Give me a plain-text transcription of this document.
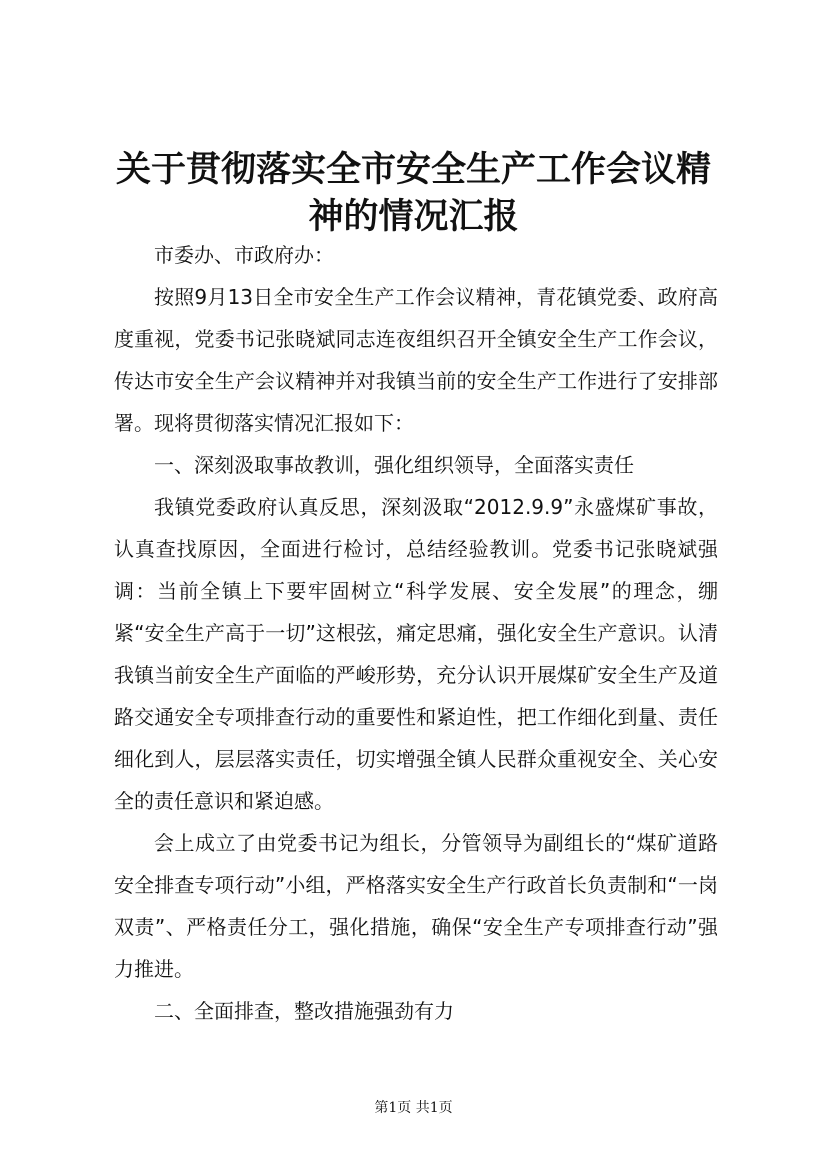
关于贯彻落实全市安全生产工作会议精神的情况汇报

市委办、市政府办：

按照9月13日全市安全生产工作会议精神，青花镇党委、政府高度重视，党委书记张晓斌同志连夜组织召开全镇安全生产工作会议，传达市安全生产会议精神并对我镇当前的安全生产工作进行了安排部署。现将贯彻落实情况汇报如下：

一、深刻汲取事故教训，强化组织领导，全面落实责任

我镇党委政府认真反思，深刻汲取“2012.9.9”永盛煤矿事故，认真查找原因，全面进行检讨，总结经验教训。党委书记张晓斌强调：当前全镇上下要牢固树立“科学发展、安全发展”的理念，绷紧“安全生产高于一切”这根弦，痛定思痛，强化安全生产意识。认清我镇当前安全生产面临的严峻形势，充分认识开展煤矿安全生产及道路交通安全专项排查行动的重要性和紧迫性，把工作细化到量、责任细化到人，层层落实责任，切实增强全镇人民群众重视安全、关心安全的责任意识和紧迫感。

会上成立了由党委书记为组长，分管领导为副组长的“煤矿道路安全排查专项行动”小组，严格落实安全生产行政首长负责制和“一岗双责”、严格责任分工，强化措施，确保“安全生产专项排查行动”强力推进。

二、全面排查，整改措施强劲有力

第1页 共1页
